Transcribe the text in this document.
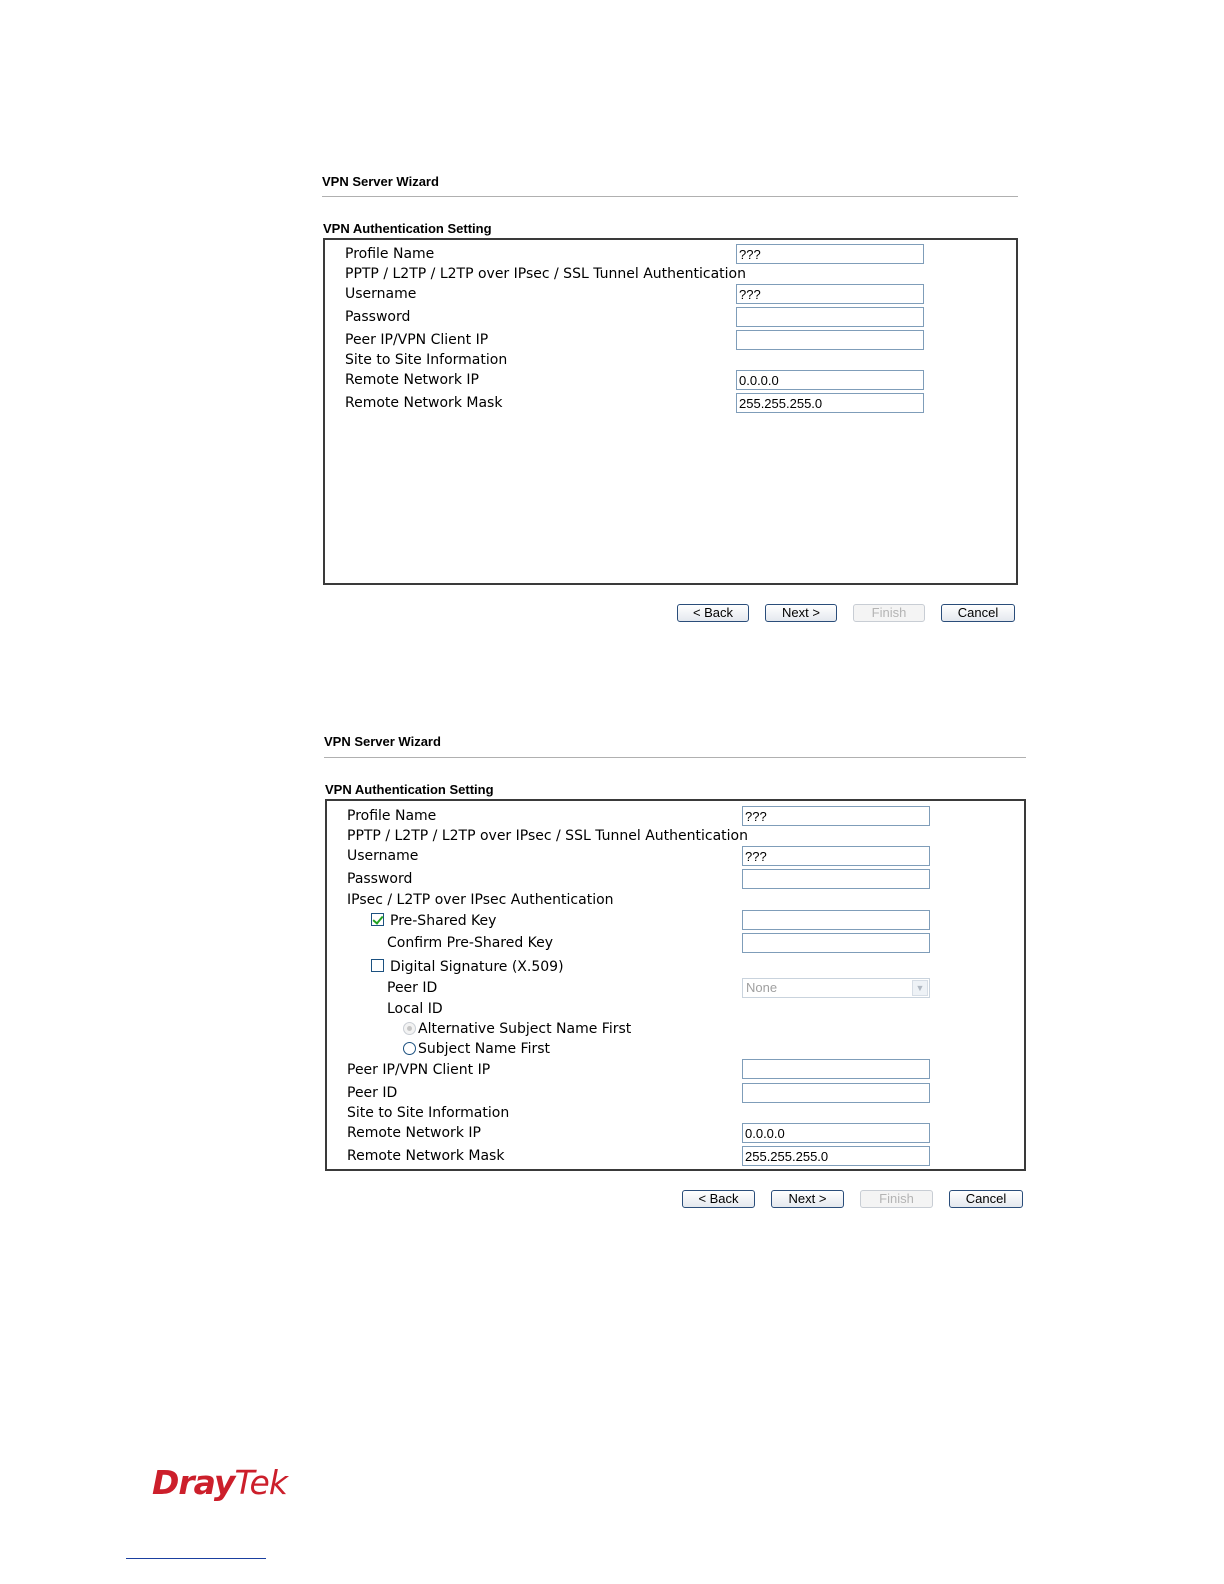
VPN Server Wizard
VPN Authentication Setting
Profile Name	???
PPTP / L2TP / L2TP over IPsec / SSL Tunnel Authentication
Username	???
Password
Peer IP/VPN Client IP
Site to Site Information
Remote Network IP	0.0.0.0
Remote Network Mask	255.255.255.0
< Back	Next >	Finish	Cancel
VPN Server Wizard
VPN Authentication Setting
Profile Name	???
PPTP / L2TP / L2TP over IPsec / SSL Tunnel Authentication
Username	???
Password
IPsec / L2TP over IPsec Authentication
Pre-Shared Key
Confirm Pre-Shared Key
Digital Signature (X.509)
Peer ID	None	▼
Local ID
Alternative Subject Name First
Subject Name First
Peer IP/VPN Client IP
Peer ID
Site to Site Information
Remote Network IP	0.0.0.0
Remote Network Mask	255.255.255.0
< Back	Next >	Finish	Cancel
DrayTek
